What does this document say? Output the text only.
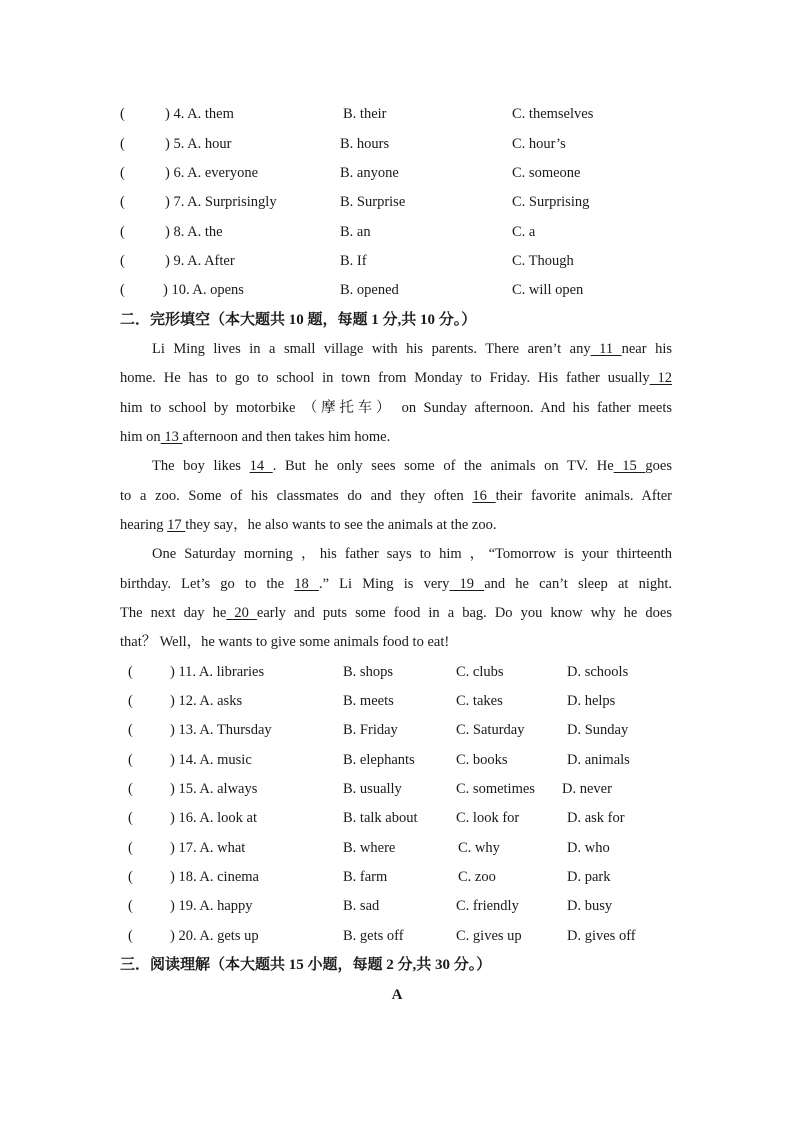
(	) 4. A. them	B. their	C. themselves
(	) 5. A. hour	B. hours	C. hour’s
(	) 6. A. everyone	B. anyone	C. someone
(	) 7. A. Surprisingly	B. Surprise	C. Surprising
(	) 8. A. the	B. an	C. a
(	) 9. A. After	B. If	C. Though
(	) 10. A. opens	B. opened	C. will open
二．完形填空（本大题共 10 题，每题 1 分,共 10 分。）
Li Ming lives in a small village with his parents. There aren’t any 11 near his
home. He has to go to school in town from Monday to Friday. His father usually 12
him to school by motorbike （摩托车） on Sunday afternoon. And his father meets
him on 13 afternoon and then takes him home.
The boy likes 14 . But he only sees some of the animals on TV. He 15 goes
to a zoo. Some of his classmates do and they often 16 their favorite animals. After
hearing 17 they say，he also wants to see the animals at the zoo.
One Saturday morning ，his father says to him ，“Tomorrow is your thirteenth
birthday. Let’s go to the 18 .” Li Ming is very 19 and he can’t sleep at night.
The next day he 20 early and puts some food in a bag. Do you know why he does
that？ Well，he wants to give some animals food to eat!
(	) 11. A. libraries	B. shops	C. clubs	D. schools
(	) 12. A. asks	B. meets	C. takes	D. helps
(	) 13. A. Thursday	B. Friday	C. Saturday	D. Sunday
(	) 14. A. music	B. elephants	C. books	D. animals
(	) 15. A. always	B. usually	C. sometimes D. never
(	) 16. A. look at	B. talk about	C. look for	D. ask for
(	) 17. A. what	B. where	C. why	D. who
(	) 18. A. cinema	B. farm	C. zoo	D. park
(	) 19. A. happy	B. sad	C. friendly	D. busy
(	) 20. A. gets up	B. gets off	C. gives up	D. gives off
三．阅读理解（本大题共 15 小题，每题 2 分,共 30 分。）
A
